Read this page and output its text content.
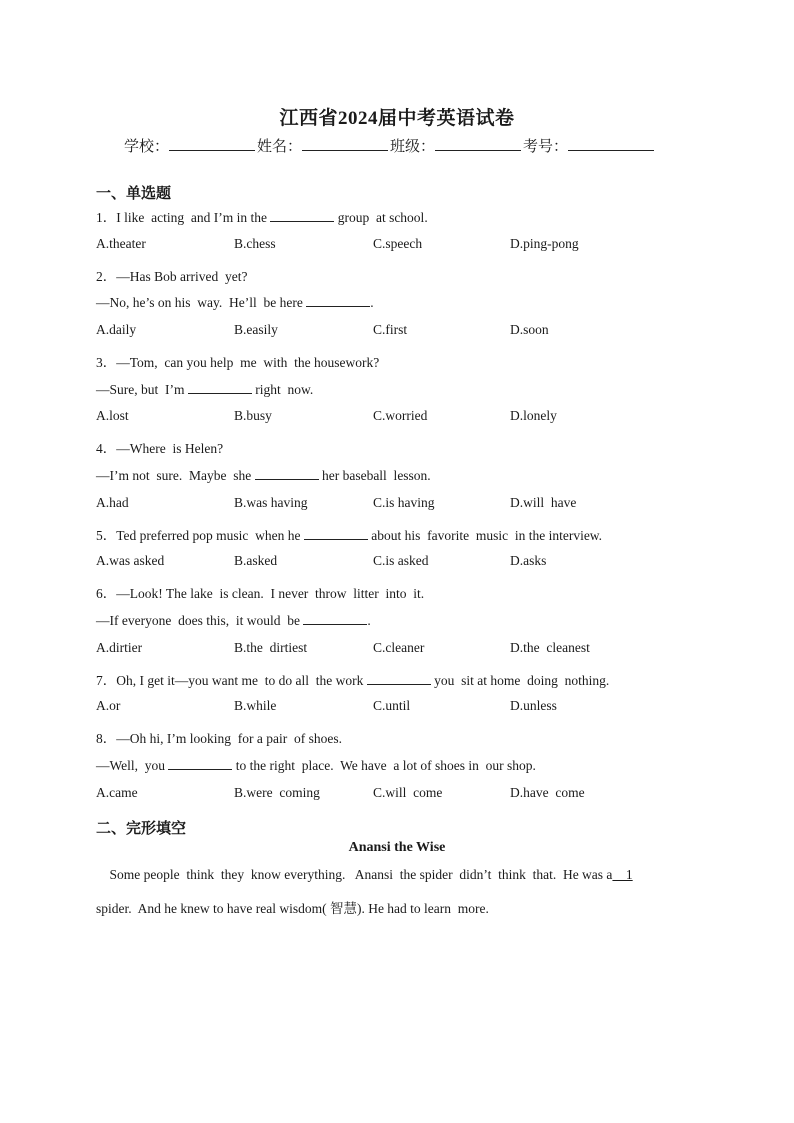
江西省2024届中考英语试卷
学校：	姓名：	班级：	考号：
一、单选题
1．I like  acting  and I’m in the	group  at school.
A.theater	B.chess	C.speech	D.ping-pong
2．—Has Bob arrived  yet?
—No, he’s on his  way.  He’ll  be here	.
A.daily	B.easily	C.first	D.soon
3．—Tom,  can you help  me  with  the housework?
—Sure, but  I’m	right  now.
A.lost	B.busy	C.worried	D.lonely
4．—Where  is Helen?
—I’m not  sure.  Maybe  she	her baseball  lesson.
A.had	B.was having	C.is having	D.will  have
5．Ted preferred pop music  when he	about his  favorite  music  in the interview.
A.was asked	B.asked	C.is asked	D.asks
6．—Look! The lake  is clean.  I never  throw  litter  into  it.
—If everyone  does this,  it would  be	.
A.dirtier	B.the  dirtiest	C.cleaner	D.the  cleanest
7．Oh, I get it—you want me  to do all  the work	you  sit at home  doing  nothing.
A.or	B.while	C.until	D.unless
8．—Oh hi, I’m looking  for a pair  of shoes.
—Well,  you	to the right  place.  We have  a lot of shoes in  our shop.
A.came	B.were  coming	C.will  come	D.have  come
二、完形填空
Anansi the Wise
Some people  think  they  know everything.   Anansi  the spider  didn’t  think  that.  He was a    1
spider.  And he knew to have real wisdom( 智慧). He had to learn  more.
